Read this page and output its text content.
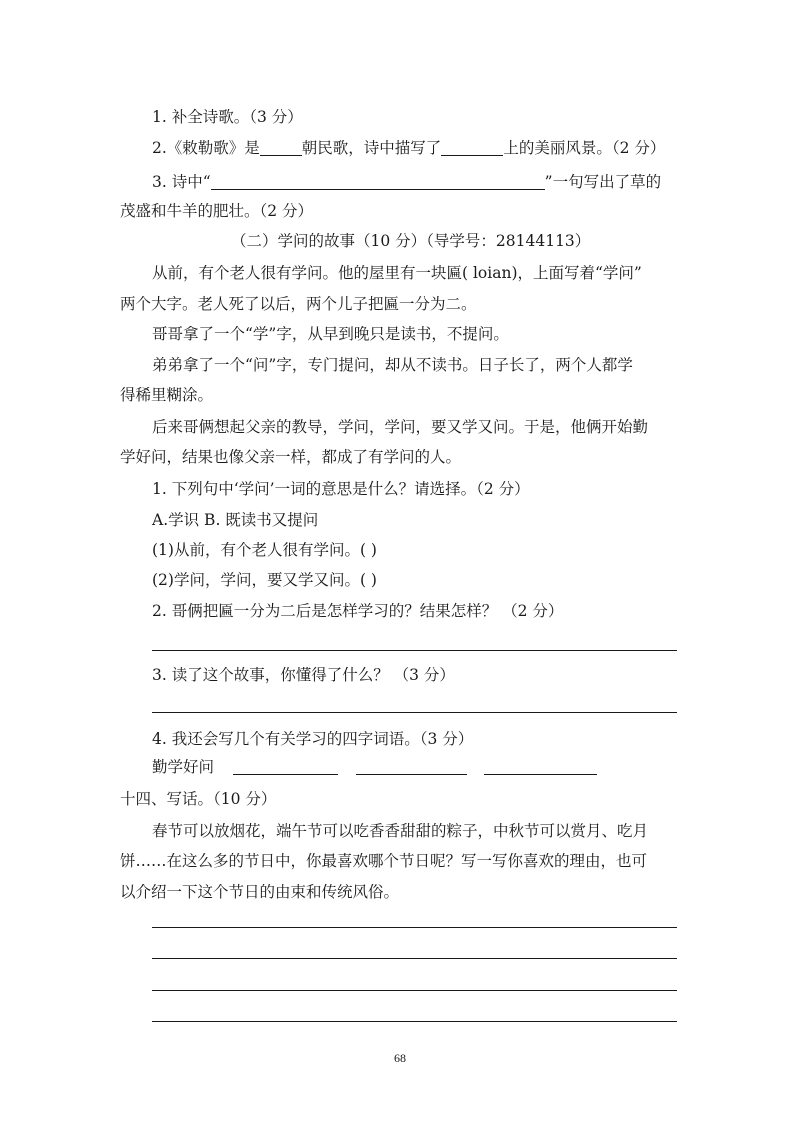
1. 补全诗歌。（3 分）
2.《敕勒歌》是	朝民歌，诗中描写了	上的美丽风景。（2 分）
3. 诗中“	”一句写出了草的
茂盛和牛羊的肥壮。（2 分）
（二）学问的故事（10 分）（导学号：28144113）
从前，有个老人很有学问。他的屋里有一块匾( loian)，上面写着“学问”
两个大字。老人死了以后，两个儿子把匾一分为二。
哥哥拿了一个“学”字，从早到晚只是读书，不提问。
弟弟拿了一个“问”字，专门提问，却从不读书。日子长了，两个人都学
得稀里糊涂。
后来哥俩想起父亲的教导，学问，学问，要又学又问。于是，他俩开始勤
学好问，结果也像父亲一样，都成了有学问的人。
1. 下列句中‘学问’一词的意思是什么？请选择。（2 分）
A.学识 B. 既读书又提问
(1)从前，有个老人很有学问。( )
(2)学问，学问，要又学又问。( )
2. 哥俩把匾一分为二后是怎样学习的？结果怎样？ （2 分）
3. 读了这个故事，你懂得了什么？ （3 分）
4. 我还会写几个有关学习的四字词语。（3 分）
勤学好问
十四、写话。（10 分）
春节可以放烟花，端午节可以吃香香甜甜的粽子，中秋节可以赏月、吃月
饼……在这么多的节日中，你最喜欢哪个节日呢？写一写你喜欢的理由，也可
以介绍一下这个节日的由束和传统风俗。
68
